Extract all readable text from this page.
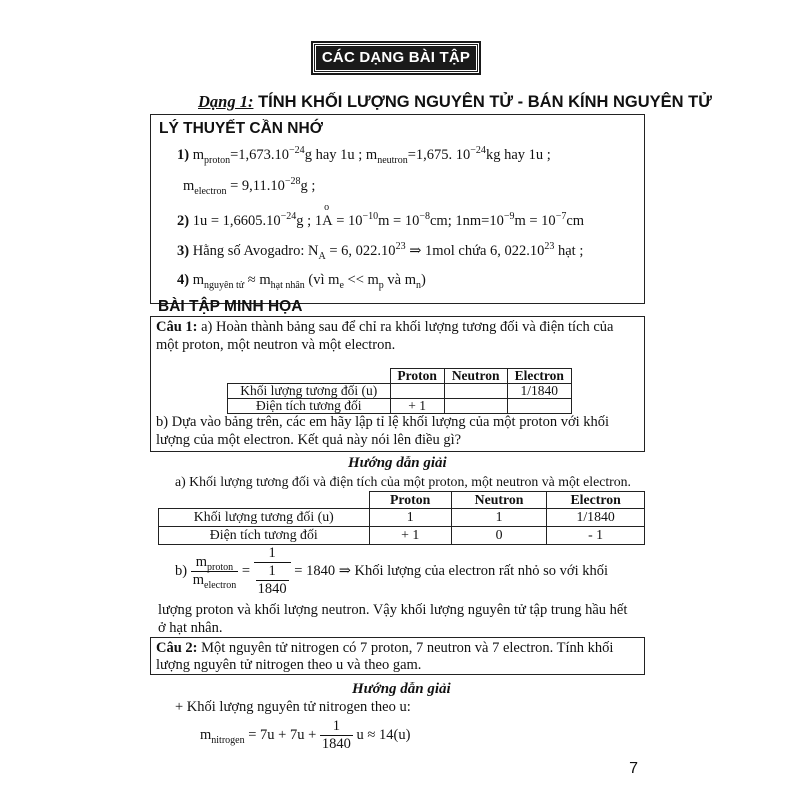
CÁC DẠNG BÀI TẬP
Dạng 1: TÍNH KHỐI LƯỢNG NGUYÊN TỬ - BÁN KÍNH NGUYÊN TỬ
LÝ THUYẾT CẦN NHỚ
1) $m_{proton}=1,673.10^{-24}g$ hay 1u ; $m_{neutron}=1,675$. $10^{-24}kg$ hay 1u ;
$m_{electron} = 9,11.10^{-28}g$ ;
2) $1u = 1,6605.10^{-24}g$ ; 1
o
$A = 10^{-10}m = 10^{-8}cm$; $1nm=10^{-9}m = 10^{-7}cm$
3) Hằng số Avogadro: $N_A = 6$, 022.10$^{23}$ ⇒ 1mol chứa 6, 022.10$^{23}$ hạt ;
4) $m_{nguyên tử} \approx m_{hạt nhân}$ (vì $m_e << m_p$ và $m_n$)
BÀI TẬP MINH HỌA
Câu 1: a) Hoàn thành bảng sau để chỉ ra khối lượng tương đối và điện tích của
một proton, một neutron và một electron.
	Proton	Neutron	Electron
Khối lượng tương đối (u)			1/1840
Điện tích tương đối	+ 1		
b) Dựa vào bảng trên, các em hãy lập tỉ lệ khối lượng của một proton với khối
lượng của một electron. Kết quả này nói lên điều gì?
Hướng dẫn giải
a) Khối lượng tương đối và điện tích của một proton, một neutron và một electron.
	Proton	Neutron	Electron
Khối lượng tương đối (u)	1	1	1/1840
Điện tích tương đối	+ 1	0	- 1
$b) \frac{m_{proton}}{m_{electron}} = \frac{1}{\frac{1}{1840}} = 1840$ ⇒ Khối lượng của electron rất nhỏ so với khối
lượng proton và khối lượng neutron. Vậy khối lượng nguyên tử tập trung hầu hết
ở hạt nhân.
Câu 2: Một nguyên tử nitrogen có 7 proton, 7 neutron và 7 electron. Tính khối
lượng nguyên tử nitrogen theo u và theo gam.
Hướng dẫn giải
+ Khối lượng nguyên tử nitrogen theo u:
$m_{nitrogen} = 7u + 7u + \frac{1}{1840}$ u ≈ 14(u)
7
